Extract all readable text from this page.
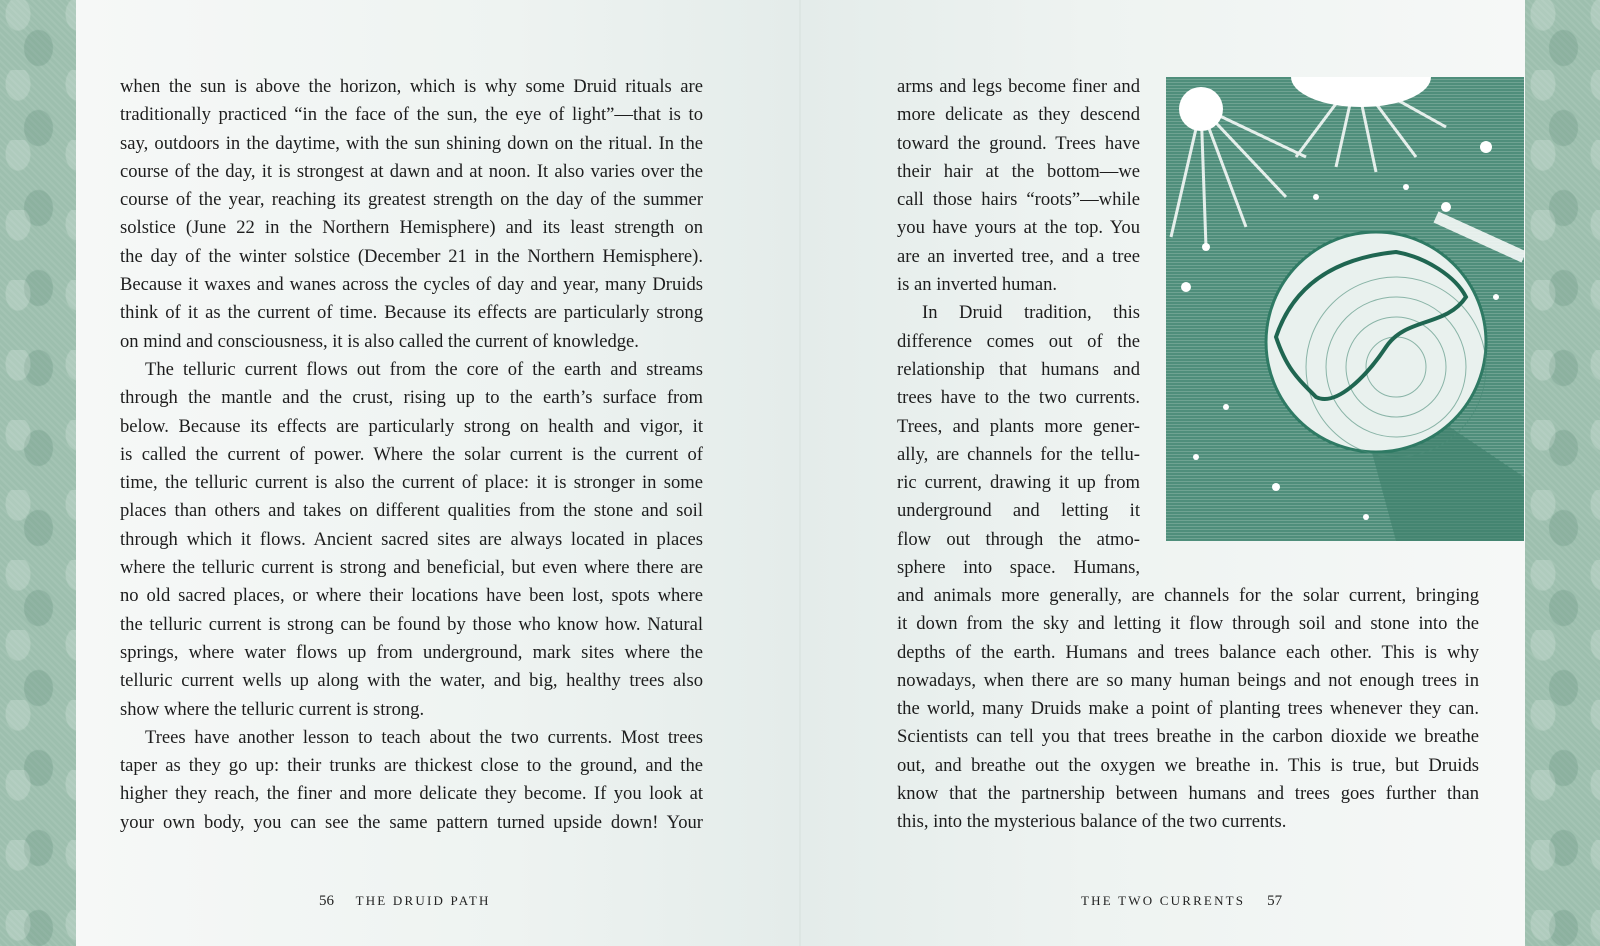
when the sun is above the horizon, which is why some Druid rituals are
traditionally practiced “in the face of the sun, the eye of light”—that is to
say, outdoors in the daytime, with the sun shining down on the ritual. In the
course of the day, it is strongest at dawn and at noon. It also varies over the
course of the year, reaching its greatest strength on the day of the summer
solstice (June 22 in the Northern Hemisphere) and its least strength on
the day of the winter solstice (December 21 in the Northern Hemisphere).
Because it waxes and wanes across the cycles of day and year, many Druids
think of it as the current of time. Because its effects are particularly strong
on mind and consciousness, it is also called the current of knowledge.
The telluric current flows out from the core of the earth and streams
through the mantle and the crust, rising up to the earth’s surface from
below. Because its effects are particularly strong on health and vigor, it
is called the current of power. Where the solar current is the current of
time, the telluric current is also the current of place: it is stronger in some
places than others and takes on different qualities from the stone and soil
through which it flows. Ancient sacred sites are always located in places
where the telluric current is strong and beneficial, but even where there are
no old sacred places, or where their locations have been lost, spots where
the telluric current is strong can be found by those who know how. Natural
springs, where water flows up from underground, mark sites where the
telluric current wells up along with the water, and big, healthy trees also
show where the telluric current is strong.
Trees have another lesson to teach about the two currents. Most trees
taper as they go up: their trunks are thickest close to the ground, and the
higher they reach, the finer and more delicate they become. If you look at
your own body, you can see the same pattern turned upside down! Your
arms and legs become finer and
more delicate as they descend
toward the ground. Trees have
their hair at the bottom—we
call those hairs “roots”—while
you have yours at the top. You
are an inverted tree, and a tree
is an inverted human.
In Druid tradition, this
difference comes out of the
relationship that humans and
trees have to the two currents.
Trees, and plants more gener-
ally, are channels for the tellu-
ric current, drawing it up from
underground and letting it
flow out through the atmo-
sphere into space. Humans,
and animals more generally, are channels for the solar current, bringing
it down from the sky and letting it flow through soil and stone into the
depths of the earth. Humans and trees balance each other. This is why
nowadays, when there are so many human beings and not enough trees in
the world, many Druids make a point of planting trees whenever they can.
Scientists can tell you that trees breathe in the carbon dioxide we breathe
out, and breathe out the oxygen we breathe in. This is true, but Druids
know that the partnership between humans and trees goes further than
this, into the mysterious balance of the two currents.
56 THE DRUID PATH	THE TWO CURRENTS 57
